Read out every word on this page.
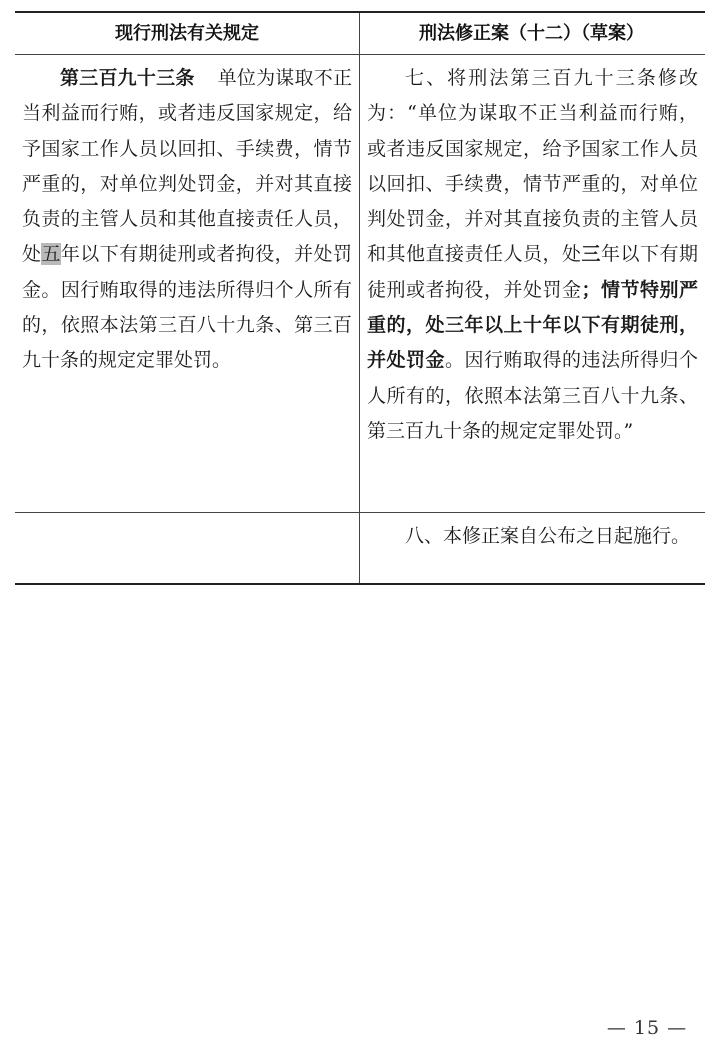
现行刑法有关规定	刑法修正案（十二）（草案）
第三百九十三条 单位为谋取不正当利益而行贿，或者违反国家规定，给予国家工作人员以回扣、手续费，情节严重的，对单位判处罚金，并对其直接负责的主管人员和其他直接责任人员，处五年以下有期徒刑或者拘役，并处罚金。因行贿取得的违法所得归个人所有的，依照本法第三百八十九条、第三百九十条的规定定罪处罚。
七、将刑法第三百九十三条修改为：“单位为谋取不正当利益而行贿，或者违反国家规定，给予国家工作人员以回扣、手续费，情节严重的，对单位判处罚金，并对其直接负责的主管人员和其他直接责任人员，处三年以下有期徒刑或者拘役，并处罚金；情节特别严重的，处三年以上十年以下有期徒刑，并处罚金。因行贿取得的违法所得归个人所有的，依照本法第三百八十九条、第三百九十条的规定定罪处罚。”
八、本修正案自公布之日起施行。
— 15 —
